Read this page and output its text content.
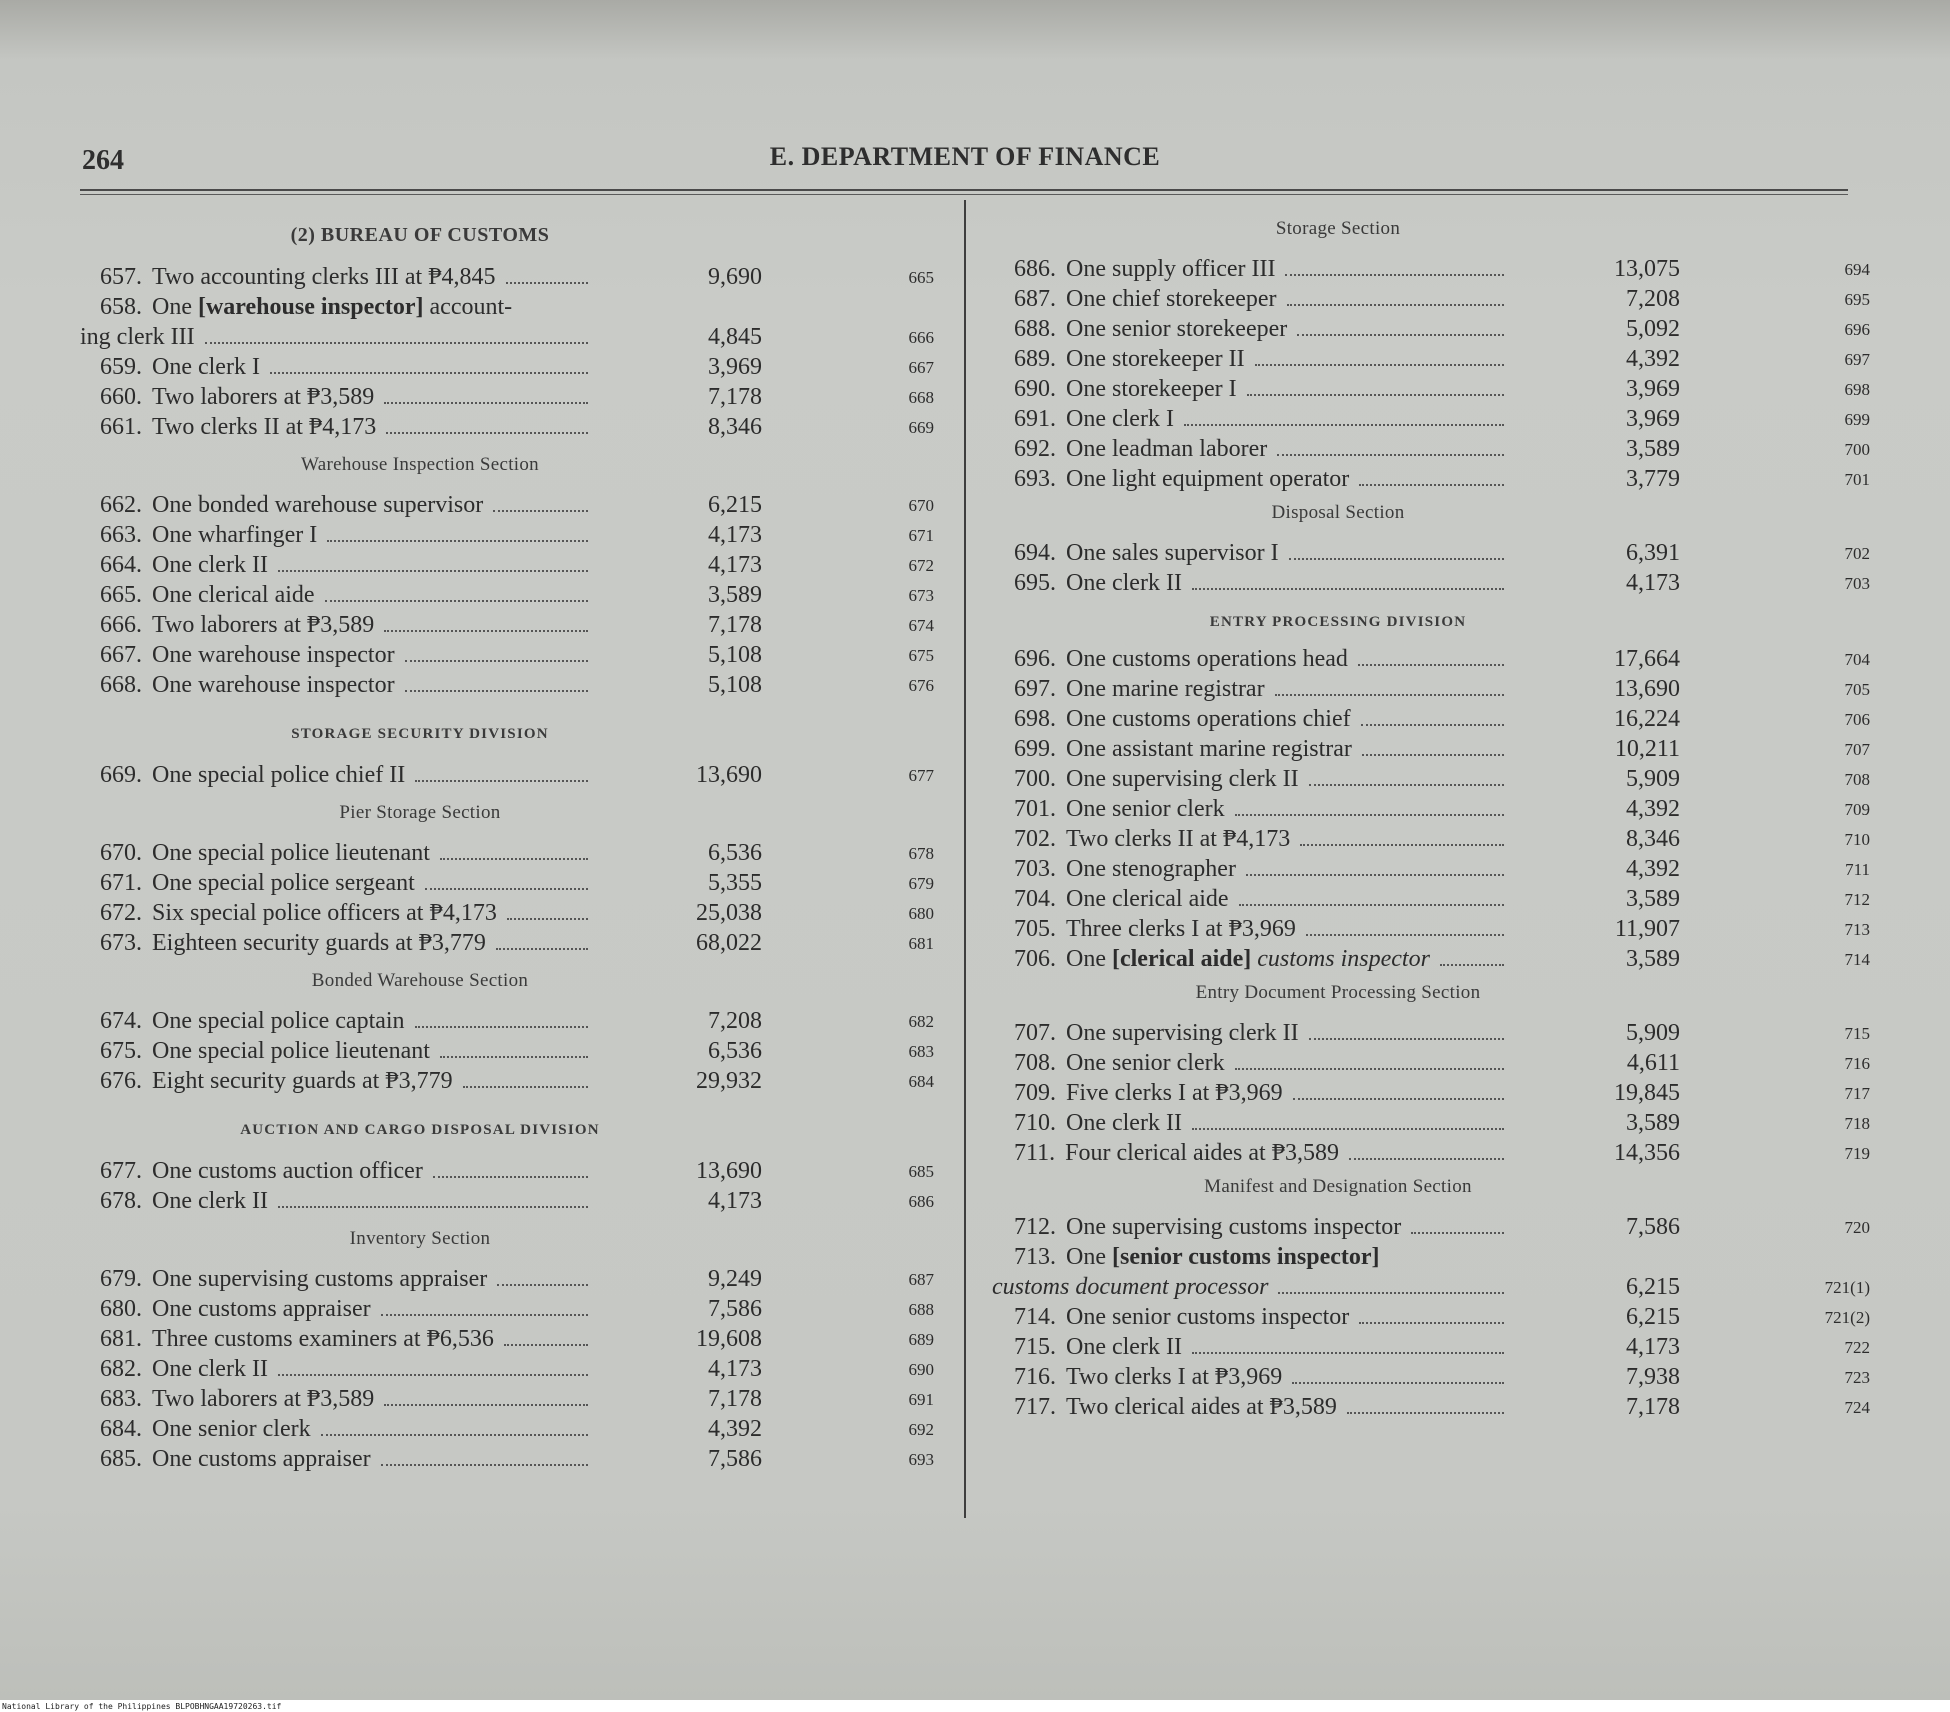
264	E. DEPARTMENT OF FINANCE
(2) BUREAU OF CUSTOMS
657. Two accounting clerks III at ₱4,845	9,690	665
658. One [warehouse inspector] account-
ing clerk III	4,845	666
659. One clerk I	3,969	667
660. Two laborers at ₱3,589	7,178	668
661. Two clerks II at ₱4,173	8,346	669
Warehouse Inspection Section
662. One bonded warehouse supervisor	6,215	670
663. One wharfinger I	4,173	671
664. One clerk II	4,173	672
665. One clerical aide	3,589	673
666. Two laborers at ₱3,589	7,178	674
667. One warehouse inspector	5,108	675
668. One warehouse inspector	5,108	676
STORAGE SECURITY DIVISION
669. One special police chief II	13,690	677
Pier Storage Section
670. One special police lieutenant	6,536	678
671. One special police sergeant	5,355	679
672. Six special police officers at ₱4,173	25,038	680
673. Eighteen security guards at ₱3,779	68,022	681
Bonded Warehouse Section
674. One special police captain	7,208	682
675. One special police lieutenant	6,536	683
676. Eight security guards at ₱3,779	29,932	684
AUCTION AND CARGO DISPOSAL DIVISION
677. One customs auction officer	13,690	685
678. One clerk II	4,173	686
Inventory Section
679. One supervising customs appraiser	9,249	687
680. One customs appraiser	7,586	688
681. Three customs examiners at ₱6,536	19,608	689
682. One clerk II	4,173	690
683. Two laborers at ₱3,589	7,178	691
684. One senior clerk	4,392	692
685. One customs appraiser	7,586	693
Storage Section
686. One supply officer III	13,075	694
687. One chief storekeeper	7,208	695
688. One senior storekeeper	5,092	696
689. One storekeeper II	4,392	697
690. One storekeeper I	3,969	698
691. One clerk I	3,969	699
692. One leadman laborer	3,589	700
693. One light equipment operator	3,779	701
Disposal Section
694. One sales supervisor I	6,391	702
695. One clerk II	4,173	703
ENTRY PROCESSING DIVISION
696. One customs operations head	17,664	704
697. One marine registrar	13,690	705
698. One customs operations chief	16,224	706
699. One assistant marine registrar	10,211	707
700. One supervising clerk II	5,909	708
701. One senior clerk	4,392	709
702. Two clerks II at ₱4,173	8,346	710
703. One stenographer	4,392	711
704. One clerical aide	3,589	712
705. Three clerks I at ₱3,969	11,907	713
706. One [clerical aide] customs inspector	3,589	714
Entry Document Processing Section
707. One supervising clerk II	5,909	715
708. One senior clerk	4,611	716
709. Five clerks I at ₱3,969	19,845	717
710. One clerk II	3,589	718
711. Four clerical aides at ₱3,589	14,356	719
Manifest and Designation Section
712. One supervising customs inspector	7,586	720
713. One [senior customs inspector]
customs document processor	6,215	721(1)
714. One senior customs inspector	6,215	721(2)
715. One clerk II	4,173	722
716. Two clerks I at ₱3,969	7,938	723
717. Two clerical aides at ₱3,589	7,178	724
National Library of the Philippines BLPOBHNGAA19720263.tif
